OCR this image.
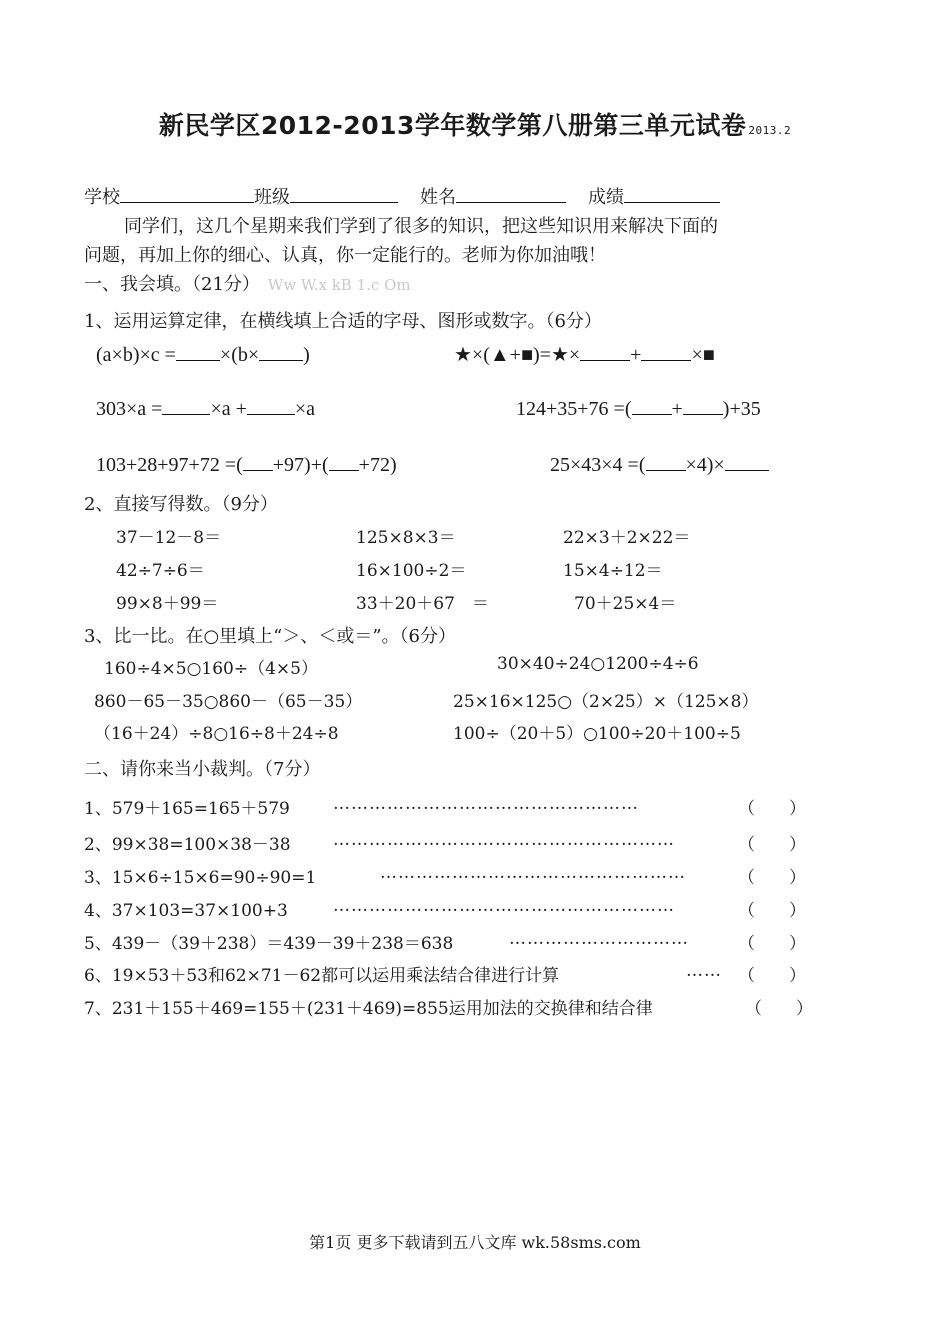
新民学区2012-2013学年数学第八册第三单元试卷 2013.2
学校	班级	姓名	成绩
同学们，这几个星期来我们学到了很多的知识，把这些知识用来解决下面的
问题，再加上你的细心、认真，你一定能行的。老师为你加油哦！
一、我会填。（21分） Ww W.x kB 1.c Om
1、运用运算定律，在横线填上合适的字母、图形或数字。（6分）
(a×b)×c = ×(b× )	★×(▲+■)=★×	+	×■
303×a = ×a + ×a	124+35+76 =( + )+35
103+28+97+72 =( +97)+( +72)	25×43×4 =( ×4)×
2、直接写得数。（9分）
37－12－8＝	125×8×3＝	22×3＋2×22＝
42÷7÷6＝	16×100÷2＝	15×4÷12＝
99×8＋99＝	33＋20＋67　＝	70＋25×4＝
3、比一比。在○里填上“＞、＜或＝”。（6分）
160÷4×5○160÷（4×5）	30×40÷24○1200÷4÷6
860－65－35○860－（65－35）	25×16×125○（2×25）×（125×8）
（16＋24）÷8○16÷8＋24÷8	100÷（20＋5）○100÷20＋100÷5
二、请你来当小裁判。（7分）
1、579＋165=165＋579	……………………………………………	（　　）
2、99×38=100×38－38 …………………………………………………	（　　）
3、15×6÷15×6=90÷90=1	……………………………………………	（　　）
4、37×103=37×100+3	…………………………………………………	（　　）
5、439－（39＋238）＝439－39＋238＝638	…………………………	（　　）
6、19×53＋53和62×71－62都可以运用乘法结合律进行计算	…… （　　）
7、231＋155＋469=155＋(231＋469)=855运用加法的交换律和结合律	（　　）
第1页 更多下载请到五八文库 wk.58sms.com
